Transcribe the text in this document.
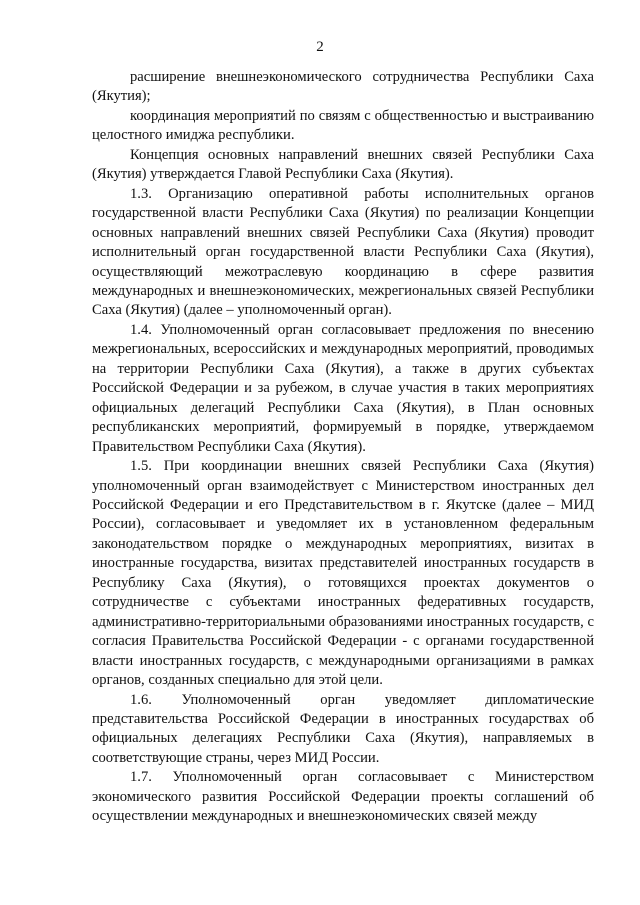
2

расширение внешнеэкономического сотрудничества Республики Саха (Якутия);

координация мероприятий по связям с общественностью и выстраиванию целостного имиджа республики.

Концепция основных направлений внешних связей Республики Саха (Якутия) утверждается Главой Республики Саха (Якутия).

1.3. Организацию оперативной работы исполнительных органов государственной власти Республики Саха (Якутия) по реализации Концепции основных направлений внешних связей Республики Саха (Якутия) проводит исполнительный орган государственной власти Республики Саха (Якутия), осуществляющий межотраслевую координацию в сфере развития международных и внешнеэкономических, межрегиональных связей Республики Саха (Якутия) (далее – уполномоченный орган).

1.4. Уполномоченный орган согласовывает предложения по внесению межрегиональных, всероссийских и международных мероприятий, проводимых на территории Республики Саха (Якутия), а также в других субъектах Российской Федерации и за рубежом, в случае участия в таких мероприятиях официальных делегаций Республики Саха (Якутия), в План основных республиканских мероприятий, формируемый в порядке, утверждаемом Правительством Республики Саха (Якутия).

1.5. При координации внешних связей Республики Саха (Якутия) уполномоченный орган взаимодействует с Министерством иностранных дел Российской Федерации и его Представительством в г. Якутске (далее – МИД России), согласовывает и уведомляет их в установленном федеральным законодательством порядке о международных мероприятиях, визитах в иностранные государства, визитах представителей иностранных государств в Республику Саха (Якутия), о готовящихся проектах документов о сотрудничестве с субъектами иностранных федеративных государств, административно-территориальными образованиями иностранных государств, с согласия Правительства Российской Федерации - с органами государственной власти иностранных государств, с международными организациями в рамках органов, созданных специально для этой цели.

1.6. Уполномоченный орган уведомляет дипломатические представительства Российской Федерации в иностранных государствах об официальных делегациях Республики Саха (Якутия), направляемых в соответствующие страны, через МИД России.

1.7. Уполномоченный орган согласовывает с Министерством экономического развития Российской Федерации проекты соглашений об осуществлении международных и внешнеэкономических связей между
